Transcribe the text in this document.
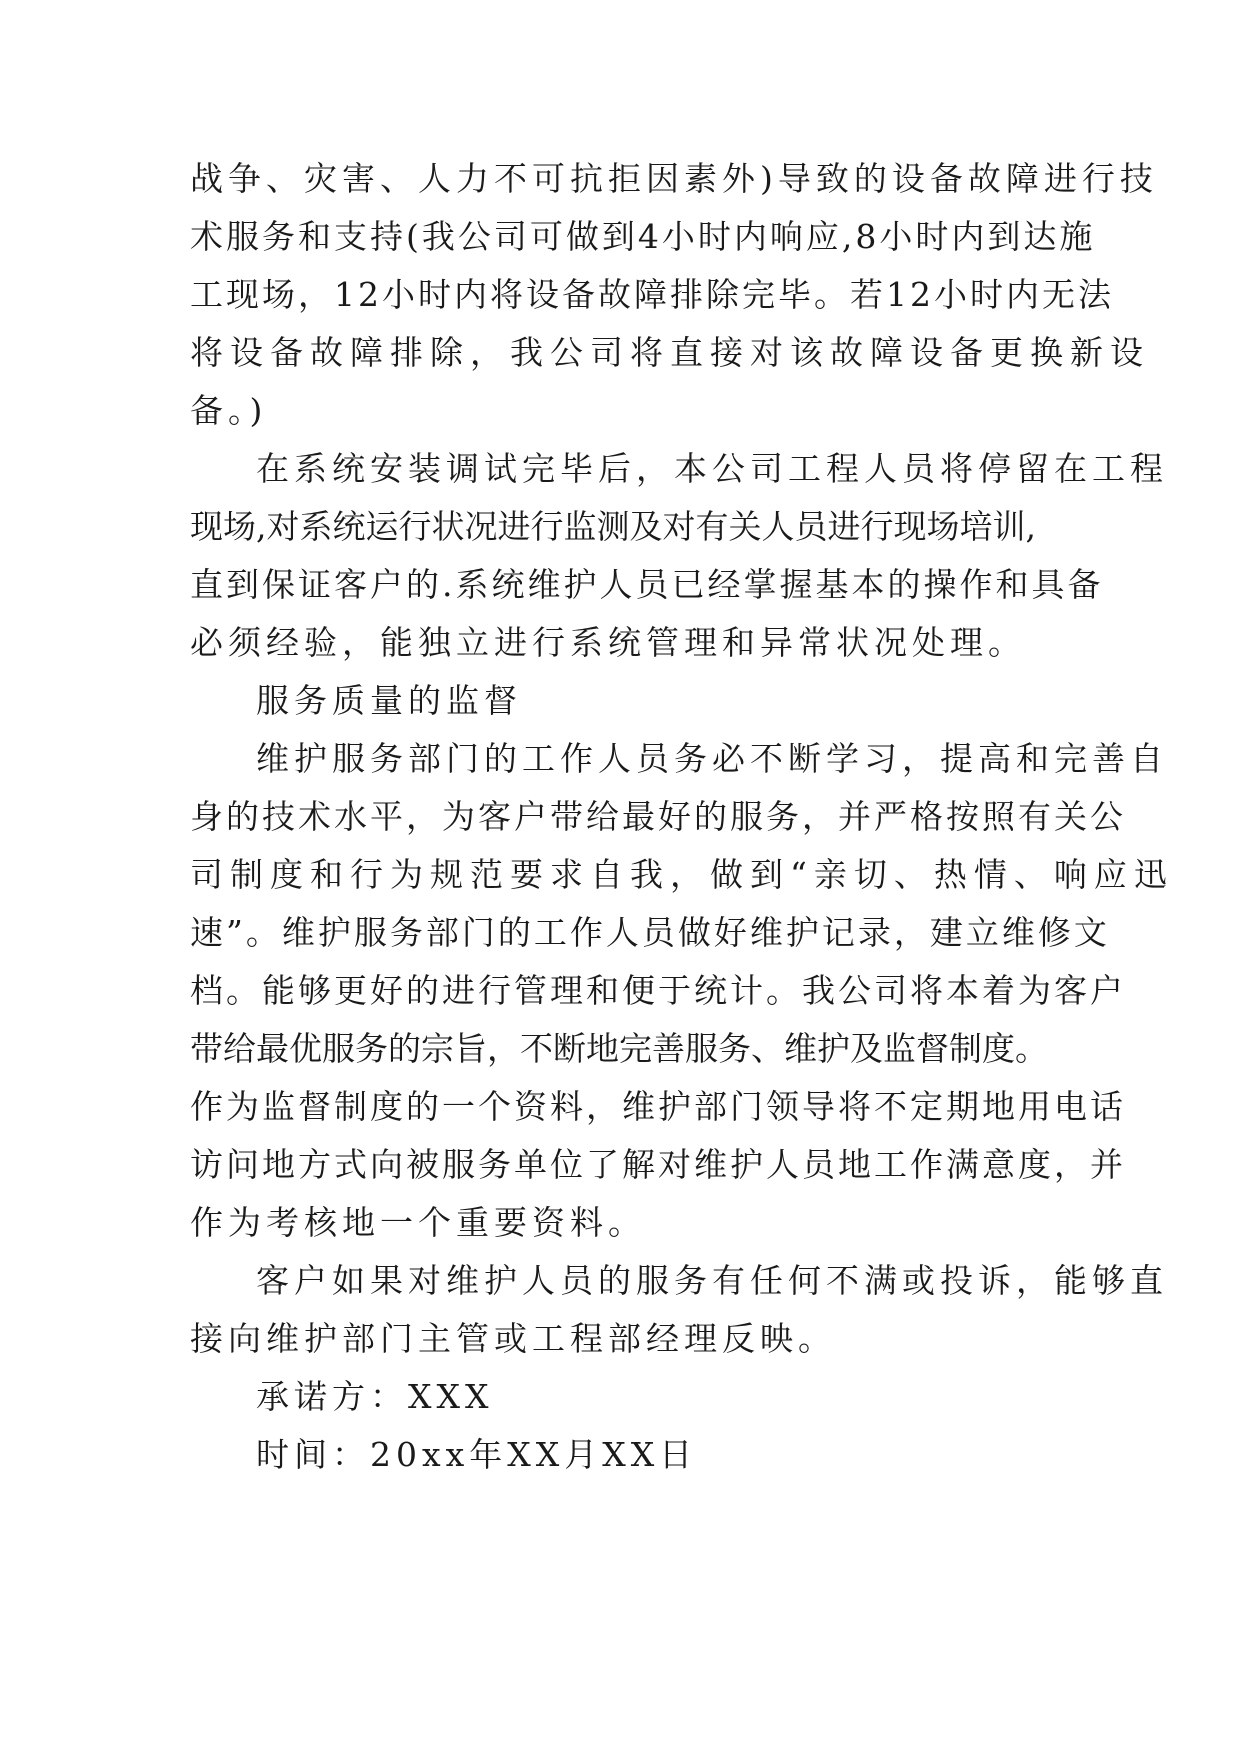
战争、灾害、人力不可抗拒因素外)导致的设备故障进行技
术服务和支持(我公司可做到4小时内响应,8小时内到达施
工现场，12小时内将设备故障排除完毕。若12小时内无法
将设备故障排除，我公司将直接对该故障设备更换新设
备。)
在系统安装调试完毕后，本公司工程人员将停留在工程
现场,对系统运行状况进行监测及对有关人员进行现场培训,
直到保证客户的.系统维护人员已经掌握基本的操作和具备
必须经验，能独立进行系统管理和异常状况处理。
服务质量的监督
维护服务部门的工作人员务必不断学习，提高和完善自
身的技术水平，为客户带给最好的服务，并严格按照有关公
司制度和行为规范要求自我，做到“亲切、热情、响应迅
速”。维护服务部门的工作人员做好维护记录，建立维修文
档。能够更好的进行管理和便于统计。我公司将本着为客户
带给最优服务的宗旨，不断地完善服务、维护及监督制度。
作为监督制度的一个资料，维护部门领导将不定期地用电话
访问地方式向被服务单位了解对维护人员地工作满意度，并
作为考核地一个重要资料。
客户如果对维护人员的服务有任何不满或投诉，能够直
接向维护部门主管或工程部经理反映。
承诺方：XXX
时间：20xx年XX月XX日
